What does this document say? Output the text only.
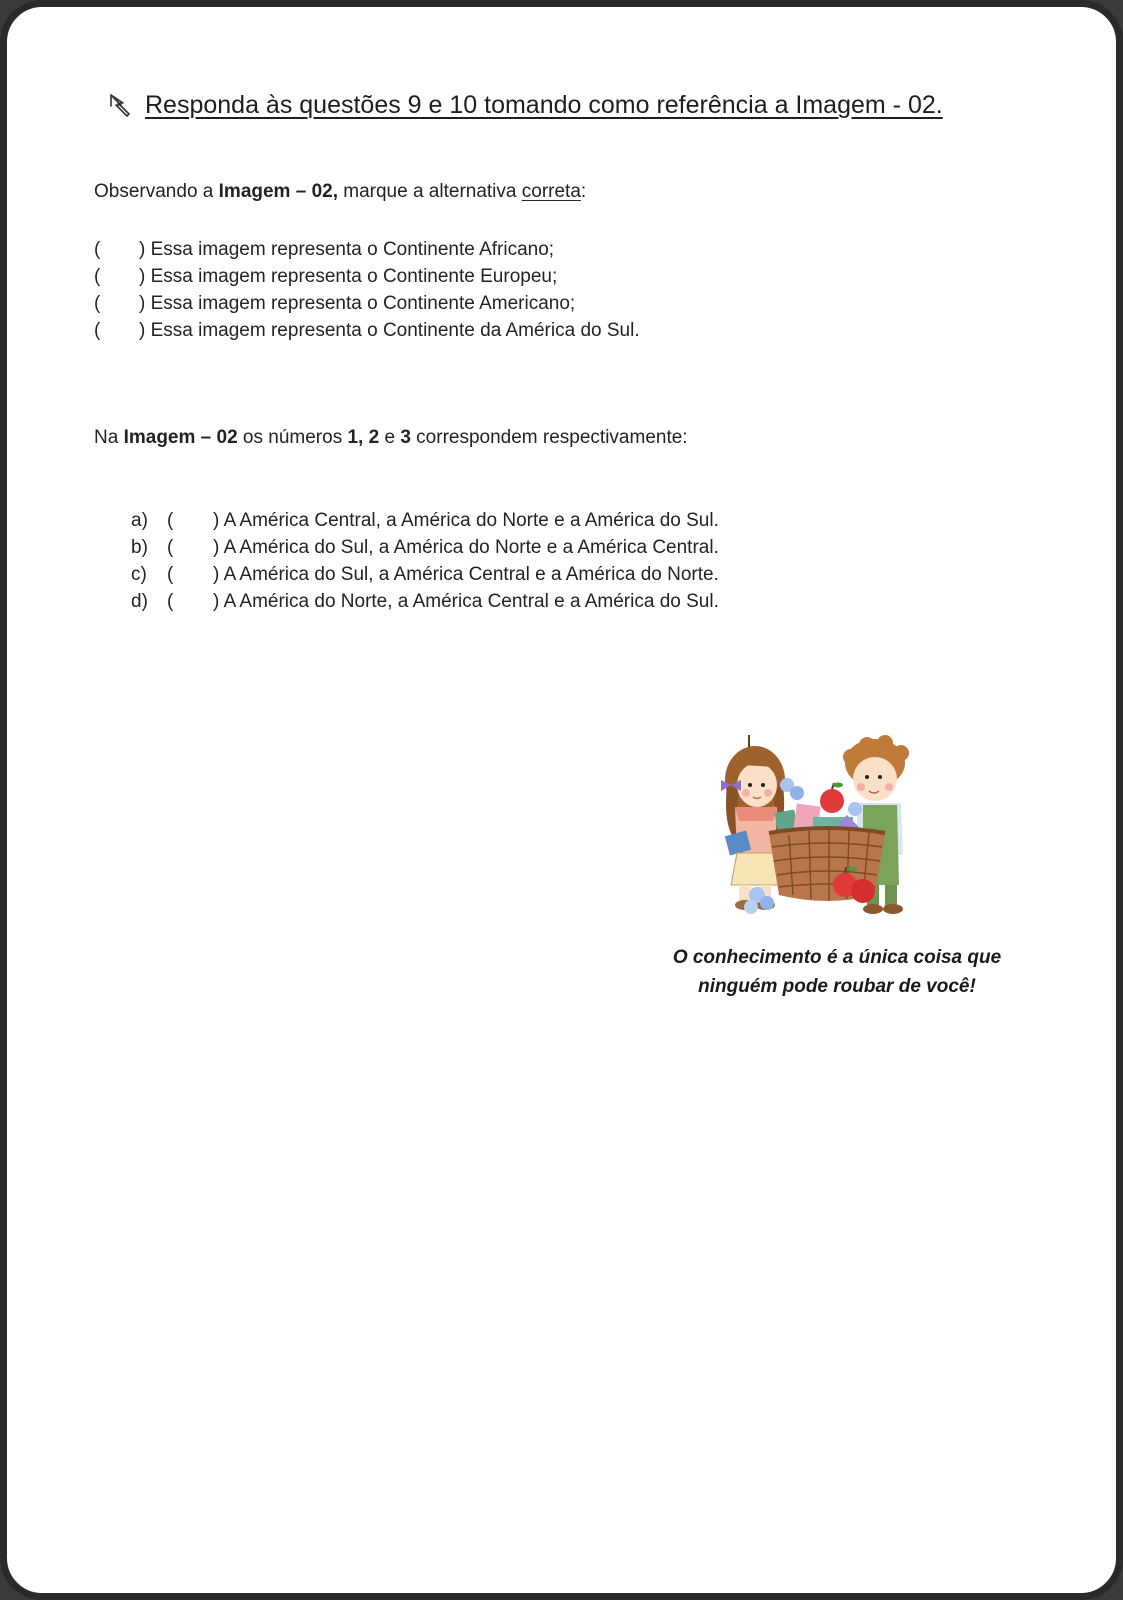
Responda às questões 9 e 10 tomando como referência a Imagem - 02.
Observando a Imagem – 02, marque a alternativa correta:
( ) Essa imagem representa o Continente Africano;
( ) Essa imagem representa o Continente Europeu;
( ) Essa imagem representa o Continente Americano;
( ) Essa imagem representa o Continente da América do Sul.
Na Imagem – 02 os números 1, 2 e 3 correspondem respectivamente:
a) ( ) A América Central, a América do Norte e a América do Sul.
b) ( ) A América do Sul, a América do Norte e a América Central.
c) ( ) A América do Sul, a América Central e a América do Norte.
d) ( ) A América do Norte, a América Central e a América do Sul.
O conhecimento é a única coisa que
ninguém pode roubar de você!
